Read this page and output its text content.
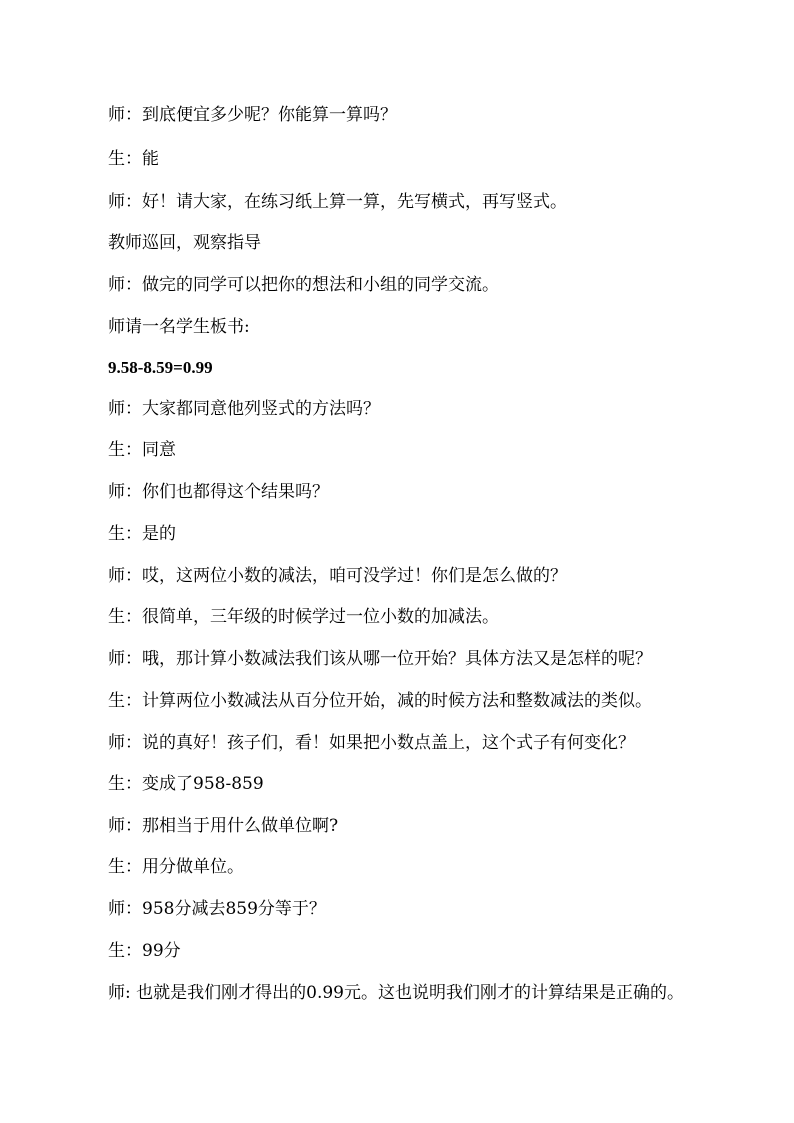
师：到底便宜多少呢？你能算一算吗？
生：能
师：好！请大家，在练习纸上算一算，先写横式，再写竖式。
教师巡回，观察指导
师：做完的同学可以把你的想法和小组的同学交流。
师请一名学生板书:
9.58-8.59=0.99
师：大家都同意他列竖式的方法吗？
生：同意
师：你们也都得这个结果吗？
生：是的
师：哎，这两位小数的减法，咱可没学过！你们是怎么做的？
生：很简单，三年级的时候学过一位小数的加减法。
师：哦，那计算小数减法我们该从哪一位开始？具体方法又是怎样的呢？
生：计算两位小数减法从百分位开始，减的时候方法和整数减法的类似。
师：说的真好！孩子们，看！如果把小数点盖上，这个式子有何变化？
生：变成了958-859
师：那相当于用什么做单位啊?
生：用分做单位。
师：958分减去859分等于？
生：99分
师: 也就是我们刚才得出的0.99元。这也说明我们刚才的计算结果是正确的。
